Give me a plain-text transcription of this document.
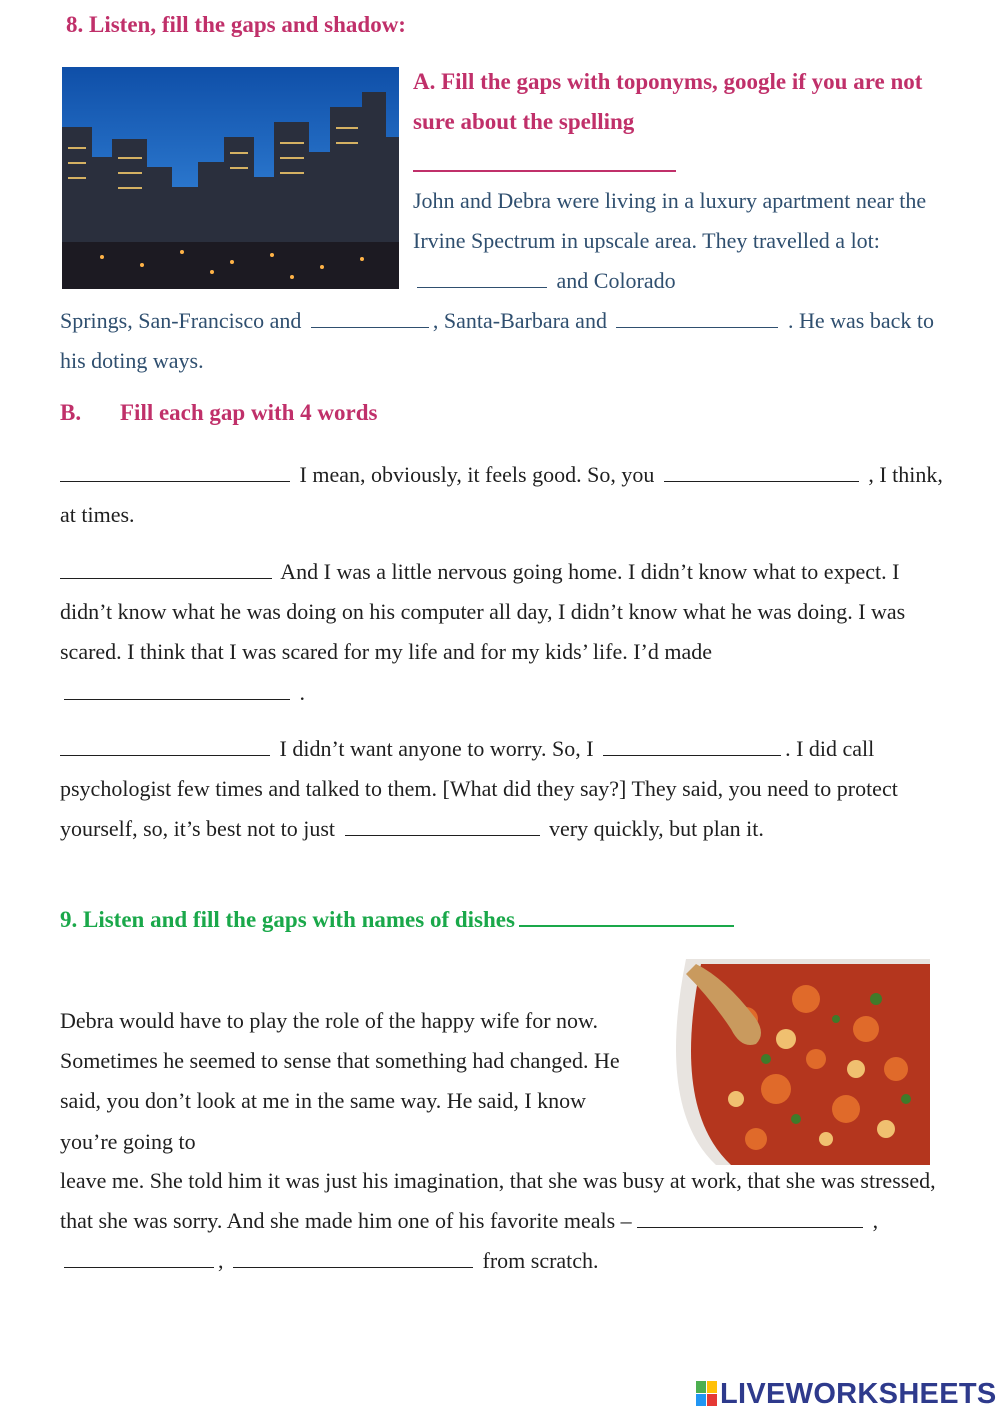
8. Listen, fill the gaps and shadow:
A. Fill the gaps with toponyms, google if you are not sure about the spelling
John and Debra were living in a luxury apartment near the Irvine Spectrum in upscale area. They travelled a lot:  and Colorado
Springs, San-Francisco and	, Santa-Barbara and	. He was back to his doting ways.
B. Fill each gap with 4 words
I mean, obviously, it feels good. So, you	, I think, at times.
And I was a little nervous going home. I didn’t know what to expect. I didn’t know what he was doing on his computer all day, I didn’t know what he was doing. I was scared. I think that I was scared for my life and for my kids’ life. I’d made  .
I didn’t want anyone to worry. So, I	. I did call psychologist few times and talked to them. [What did they say?] They said, you need to protect yourself, so, it’s best not to just	very quickly, but plan it.
9. Listen and fill the gaps with names of dishes
Debra would have to play the role of the happy wife for now. Sometimes he seemed to sense that something had changed. He said, you don’t look at me in the same way. He said, I know you’re going to
leave me. She told him it was just his imagination, that she was busy at work, that she was stressed, that she was sorry. And she made him one of his favorite meals –	, ,	from scratch.
LIVEWORKSHEETS
